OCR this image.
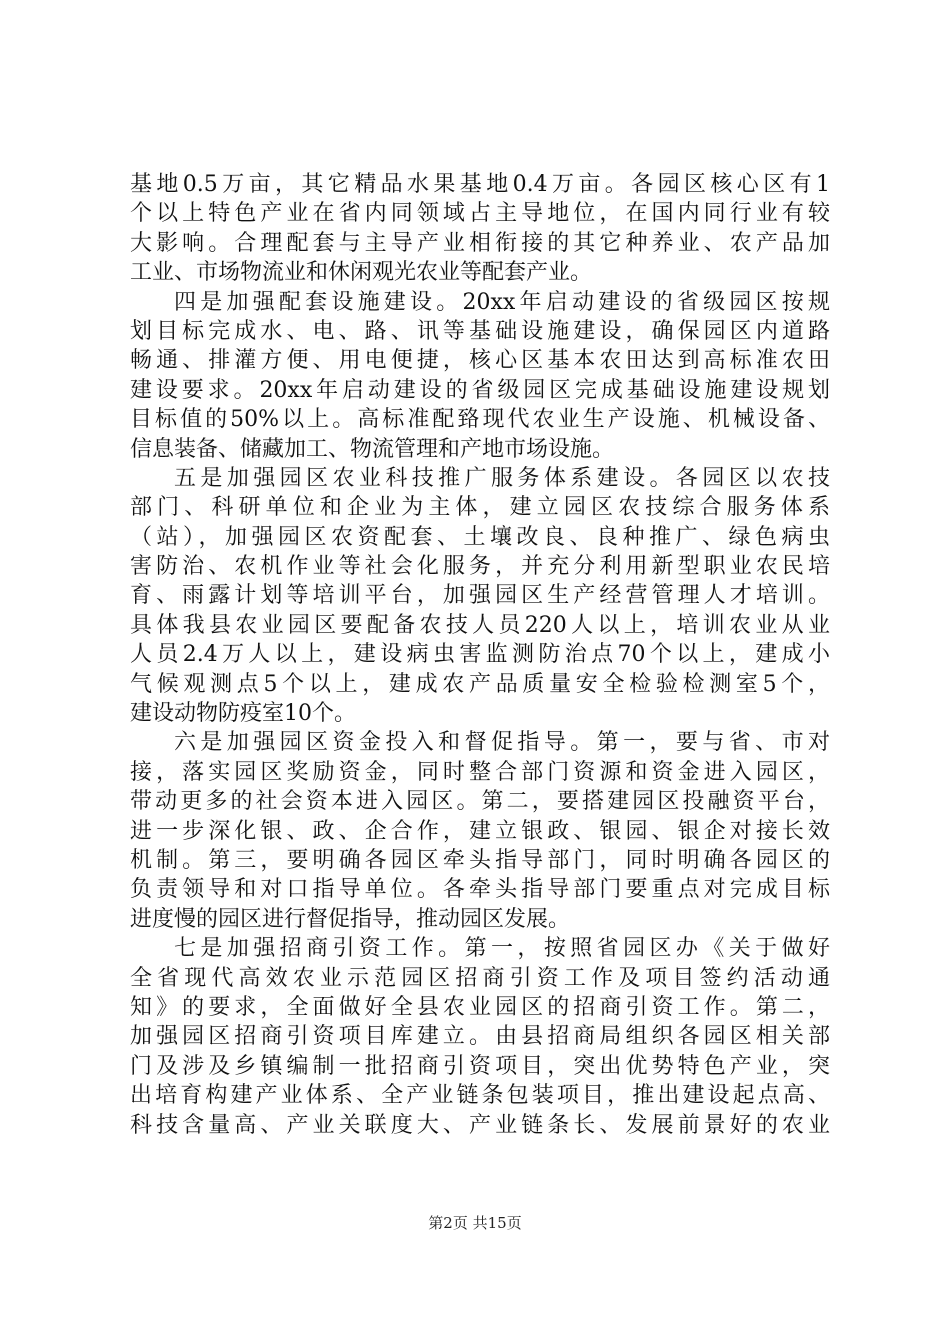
基地0.5万亩，其它精品水果基地0.4万亩。各园区核心区有1
个以上特色产业在省内同领域占主导地位，在国内同行业有较
大影响。合理配套与主导产业相衔接的其它种养业、农产品加
工业、市场物流业和休闲观光农业等配套产业。
四是加强配套设施建设。20xx年启动建设的省级园区按规
划目标完成水、电、路、讯等基础设施建设，确保园区内道路
畅通、排灌方便、用电便捷，核心区基本农田达到高标准农田
建设要求。20xx年启动建设的省级园区完成基础设施建设规划
目标值的50%以上。高标准配臵现代农业生产设施、机械设备、
信息装备、储藏加工、物流管理和产地市场设施。
五是加强园区农业科技推广服务体系建设。各园区以农技
部门、科研单位和企业为主体，建立园区农技综合服务体系
（站），加强园区农资配套、土壤改良、良种推广、绿色病虫
害防治、农机作业等社会化服务，并充分利用新型职业农民培
育、雨露计划等培训平台，加强园区生产经营管理人才培训。
具体我县农业园区要配备农技人员220人以上，培训农业从业
人员2.4万人以上，建设病虫害监测防治点70个以上，建成小
气候观测点5个以上，建成农产品质量安全检验检测室5个，
建设动物防疫室10个。
六是加强园区资金投入和督促指导。第一，要与省、市对
接，落实园区奖励资金，同时整合部门资源和资金进入园区，
带动更多的社会资本进入园区。第二，要搭建园区投融资平台，
进一步深化银、政、企合作，建立银政、银园、银企对接长效
机制。第三，要明确各园区牵头指导部门，同时明确各园区的
负责领导和对口指导单位。各牵头指导部门要重点对完成目标
进度慢的园区进行督促指导，推动园区发展。
七是加强招商引资工作。第一，按照省园区办《关于做好
全省现代高效农业示范园区招商引资工作及项目签约活动通
知》的要求，全面做好全县农业园区的招商引资工作。第二，
加强园区招商引资项目库建立。由县招商局组织各园区相关部
门及涉及乡镇编制一批招商引资项目，突出优势特色产业，突
出培育构建产业体系、全产业链条包装项目，推出建设起点高、
科技含量高、产业关联度大、产业链条长、发展前景好的农业
第2页 共15页
